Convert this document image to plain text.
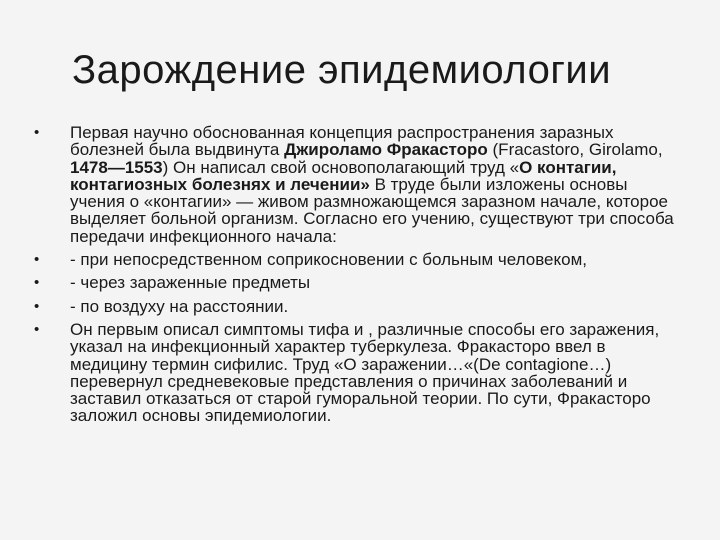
Зарождение эпидемиологии
•	Первая научно обоснованная концепция распространения заразных болезней была выдвинута Джироламо Фракасторо (Fracastoro, Girolamo, 1478—1553) Он написал свой основополагающий труд «О контагии, контагиозных болезнях и лечении» В труде были изложены основы учения о «контагии» — живом размножающемся заразном начале, которое выделяет больной организм. Согласно его учению, существуют три способа передачи инфекционного начала:
•	- при непосредственном соприкосновении с больным человеком,
•	- через зараженные предметы
•	- по воздуху на расстоянии.
•	Он первым описал симптомы тифа и , различные способы его заражения, указал на инфекционный характер туберкулеза. Фракасторо ввел в медицину термин сифилис. Труд «О заражении…«(De contagione…) перевернул средневековые представления о причинах заболеваний и заставил отказаться от старой гуморальной теории. По сути, Фракасторо заложил основы эпидемиологии.
